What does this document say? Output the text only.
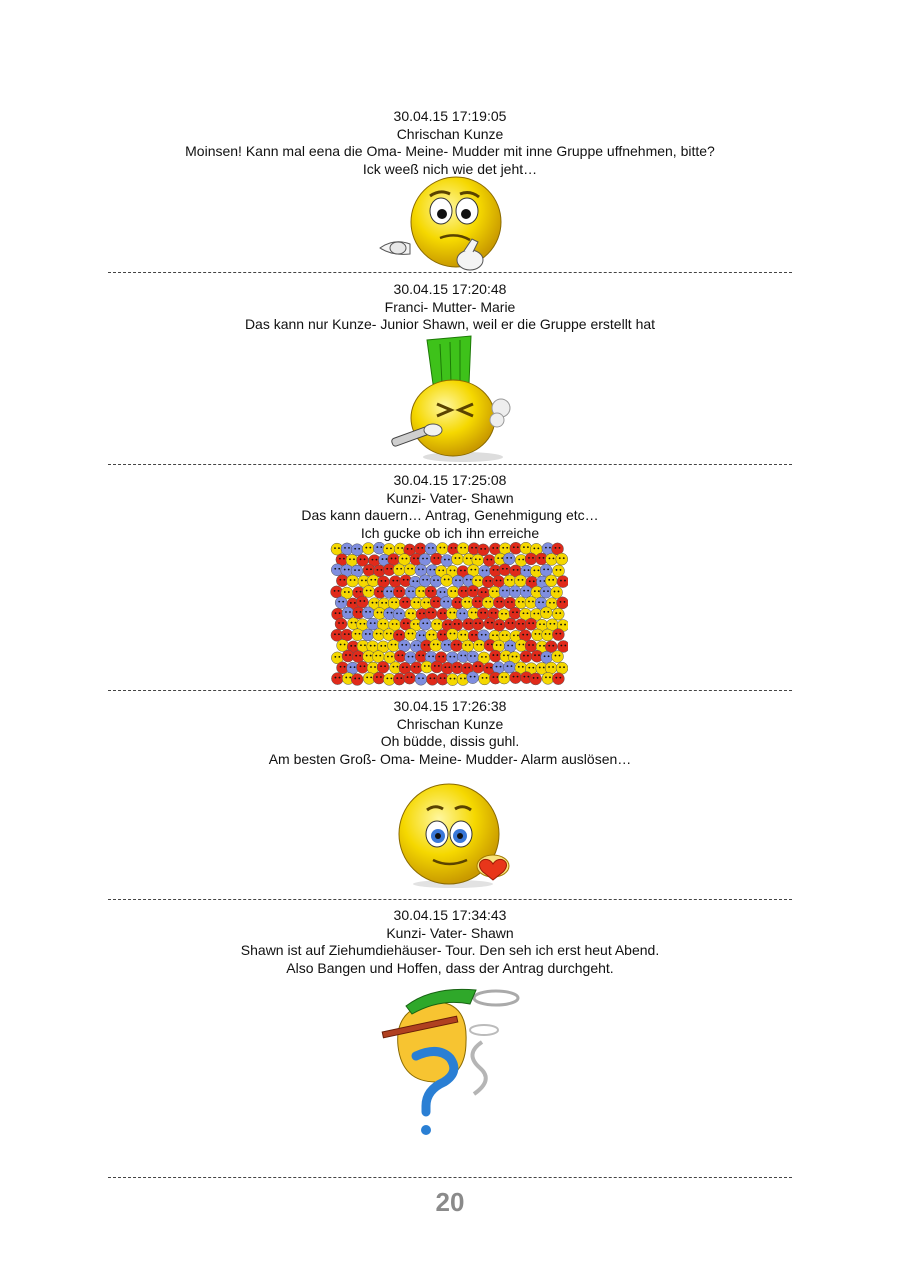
30.04.15 17:19:05
Chrischan Kunze
Moinsen! Kann mal eena die Oma- Meine- Mudder mit inne Gruppe uffnehmen, bitte?
Ick weeß nich wie det jeht…
30.04.15 17:20:48
Franci- Mutter- Marie
Das kann nur Kunze- Junior Shawn, weil er die Gruppe erstellt hat
30.04.15 17:25:08
Kunzi- Vater- Shawn
Das kann dauern… Antrag, Genehmigung etc…
Ich gucke ob ich ihn erreiche
30.04.15 17:26:38
Chrischan Kunze
Oh büdde, dissis guhl.
Am besten Groß- Oma- Meine- Mudder- Alarm auslösen…
30.04.15 17:34:43
Kunzi- Vater- Shawn
Shawn ist auf Ziehumdiehäuser- Tour. Den seh ich erst heut Abend.
Also Bangen und Hoffen, dass der Antrag durchgeht.
20
